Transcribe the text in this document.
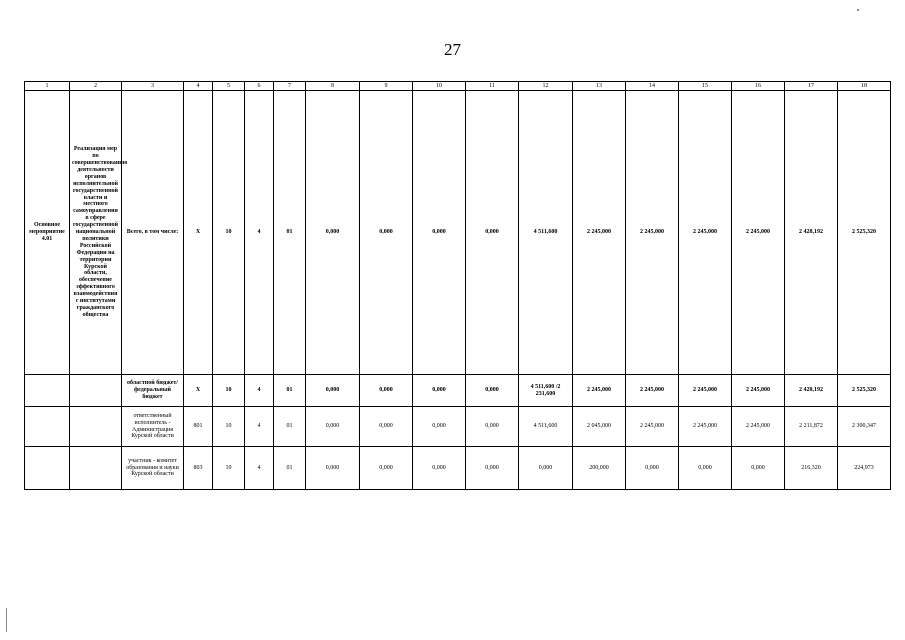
27
1	2	3	4	5	6	7	8	9	10	11	12	13	14	15	16	17	18
Основное мероприятие 4.01	Реализация мер по совершенствованию деятельности органов исполнительной государственной власти и местного самоуправления в сфере государственной национальной политики Российской Федерации на территории Курской области, обеспечение эффективного взаимодействия с институтами гражданского общества	Всего, в том числе:	X	10	4	01	0,000	0,000	0,000	0,000	4 511,600	2 245,000	2 245,000	2 245,000	2 245,000	2 428,192	2 525,320
		областной бюджет/ федеральный бюджет	X	10	4	01	0,000	0,000	0,000	0,000	4 511,600 /2 231,600	2 245,000	2 245,000	2 245,000	2 245,000	2 428,192	2 525,320
		ответственный исполнитель - Администрация Курской области	801	10	4	01	0,000	0,000	0,000	0,000	4 511,600	2 045,000	2 245,000	2 245,000	2 245,000	2 211,872	2 300,347
		участник - комитет образования и науки Курской области	803	10	4	01	0,000	0,000	0,000	0,000	0,000	200,000	0,000	0,000	0,000	216,320	224,973
